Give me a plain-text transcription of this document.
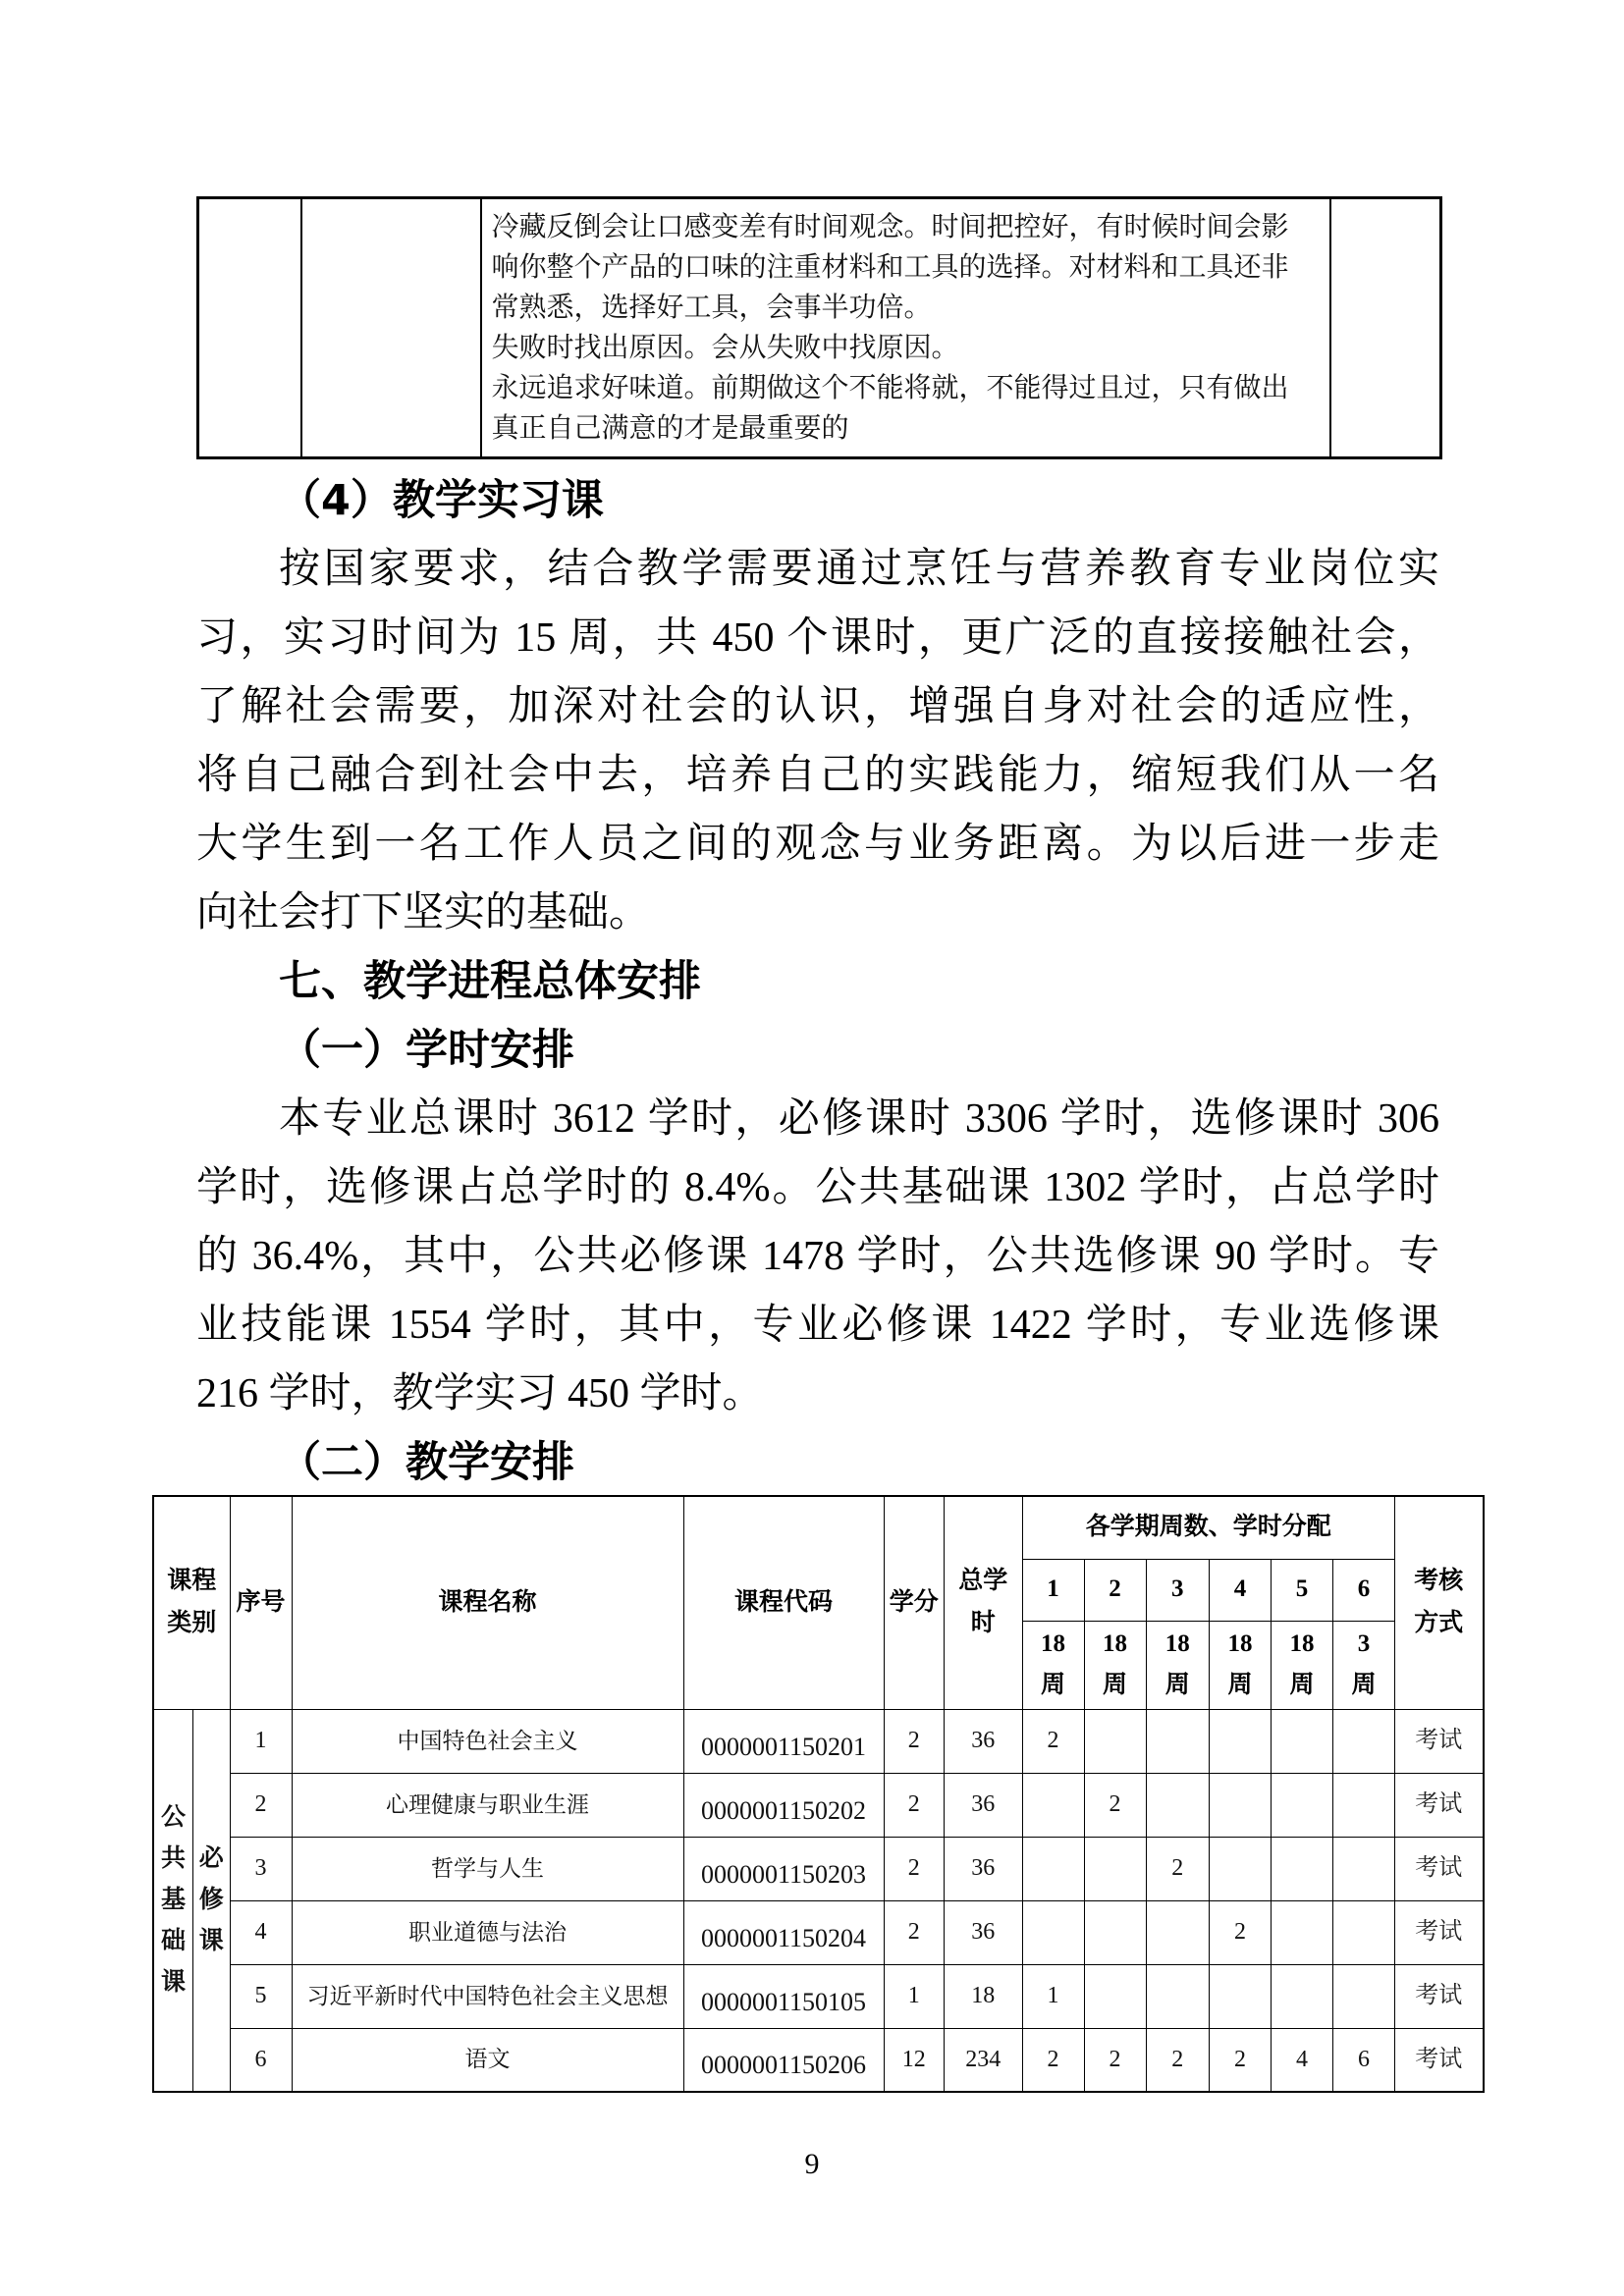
冷藏反倒会让口感变差有时间观念。时间把控好，有时候时间会影
响你整个产品的口味的注重材料和工具的选择。对材料和工具还非
常熟悉，选择好工具，会事半功倍。
失败时找出原因。会从失败中找原因。
永远追求好味道。前期做这个不能将就，不能得过且过，只有做出
真正自己满意的才是最重要的

（4）教学实习课
按国家要求，结合教学需要通过烹饪与营养教育专业岗位实
习，实习时间为 15 周，共 450 个课时，更广泛的直接接触社会，
了解社会需要，加深对社会的认识，增强自身对社会的适应性，
将自己融合到社会中去，培养自己的实践能力，缩短我们从一名
大学生到一名工作人员之间的观念与业务距离。为以后进一步走
向社会打下坚实的基础。
七、教学进程总体安排
（一）学时安排
本专业总课时 3612 学时，必修课时 3306 学时，选修课时 306
学时，选修课占总学时的 8.4%。公共基础课 1302 学时，占总学时
的 36.4%，其中，公共必修课 1478 学时，公共选修课 90 学时。专
业技能课 1554 学时，其中，专业必修课 1422 学时，专业选修课
216 学时，教学实习 450 学时。
（二）教学安排
课程类别		序号	课程名称	课程代码	学分	总学时	各学期周数、学时分配						考核方式
							1	2	3	4	5	6	
							18周	18周	18周	18周	18周	3周	
公共基础课	必修课	1	中国特色社会主义	0000001150201	2	36	2						考试
		2	心理健康与职业生涯	0000001150202	2	36		2					考试
		3	哲学与人生	0000001150203	2	36			2				考试
		4	职业道德与法治	0000001150204	2	36				2			考试
		5	习近平新时代中国特色社会主义思想	0000001150105	1	18	1						考试
		6	语文	0000001150206	12	234	2	2	2	2	4	6	考试
9
